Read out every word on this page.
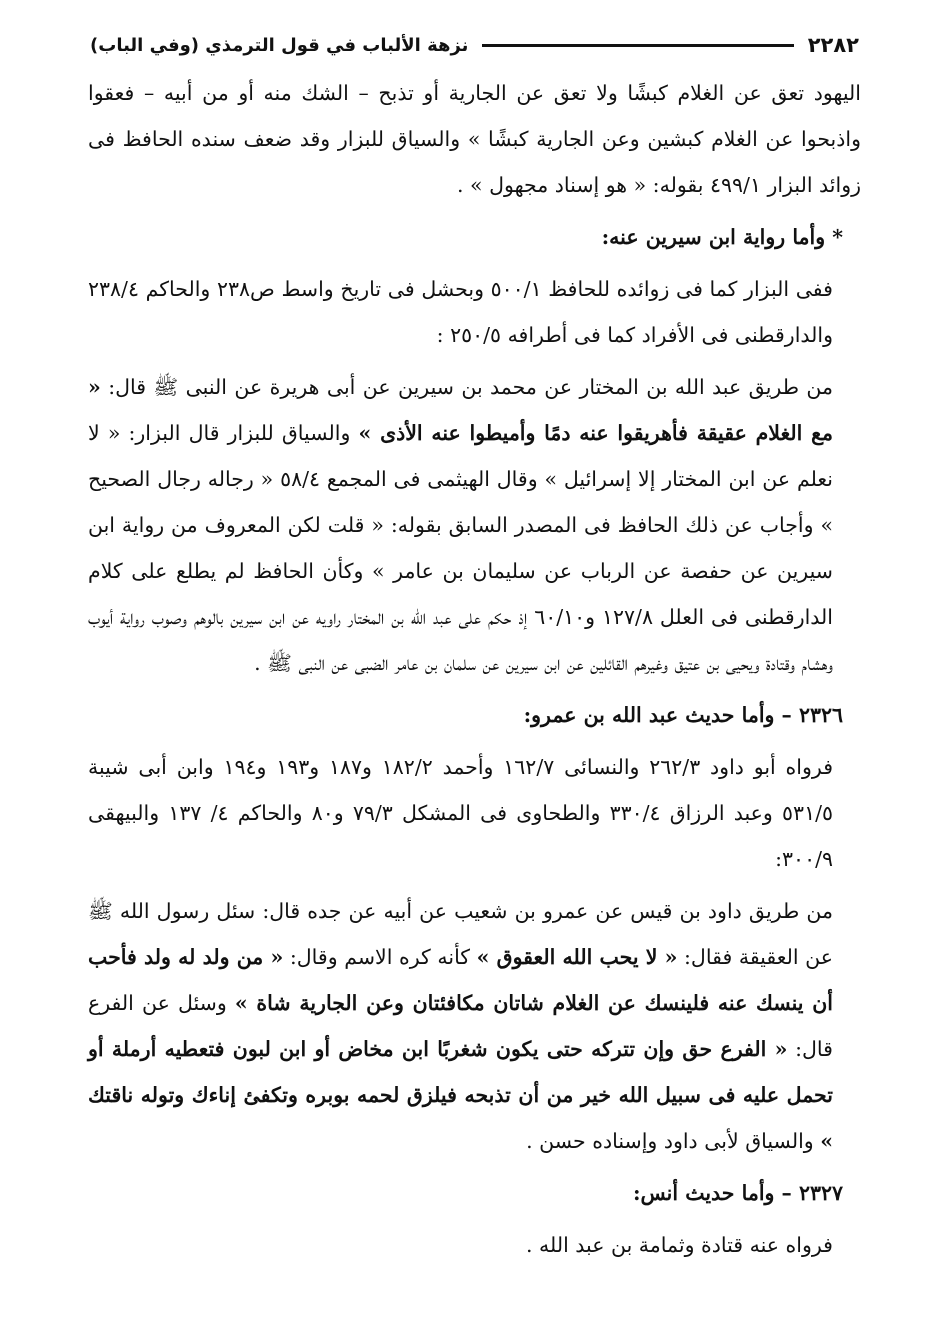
٢٢٨٢
نزهة الألباب في قول الترمذي (وفي الباب)

اليهود تعق عن الغلام كبشًا ولا تعق عن الجارية أو تذبح – الشك منه أو من أبيه – فعقوا واذبحوا عن الغلام كبشين وعن الجارية كبشًا » والسياق للبزار وقد ضعف سنده الحافظ فى زوائد البزار ٤٩٩/١ بقوله: « هو إسناد مجهول » .

* وأما رواية ابن سيرين عنه:

ففى البزار كما فى زوائده للحافظ ٥٠٠/١ وبحشل فى تاريخ واسط ص٢٣٨ والحاكم ٢٣٨/٤ والدارقطنى فى الأفراد كما فى أطرافه ٢٥٠/٥ :

من طريق عبد الله بن المختار عن محمد بن سيرين عن أبى هريرة عن النبى ﷺ قال: « مع الغلام عقيقة فأهريقوا عنه دمًا وأميطوا عنه الأذى » والسياق للبزار قال البزار: « لا نعلم عن ابن المختار إلا إسرائيل » وقال الهيثمى فى المجمع ٥٨/٤ « رجاله رجال الصحيح » وأجاب عن ذلك الحافظ فى المصدر السابق بقوله: « قلت لكن المعروف من رواية ابن سيرين عن حفصة عن الرباب عن سليمان بن عامر » وكأن الحافظ لم يطلع على كلام الدارقطنى فى العلل ١٢٧/٨ و٦٠/١٠ إذ حكم على عبد الله بن المختار راويه عن ابن سيرين بالوهم وصوب رواية أيوب وهشام وقتادة ويحيى بن عتيق وغيرهم القائلين عن ابن سيرين عن سلمان بن عامر الضبى عن النبى ﷺ .

٢٣٢٦ – وأما حديث عبد الله بن عمرو:

فرواه أبو داود ٢٦٢/٣ والنسائى ١٦٢/٧ وأحمد ١٨٢/٢ و١٨٧ و١٩٣ و١٩٤ وابن أبى شيبة ٥٣١/٥ وعبد الرزاق ٣٣٠/٤ والطحاوى فى المشكل ٧٩/٣ و٨٠ والحاكم ٤/ ١٣٧ والبيهقى ٣٠٠/٩:

من طريق داود بن قيس عن عمرو بن شعيب عن أبيه عن جده قال: سئل رسول الله ﷺ عن العقيقة فقال: « لا يحب الله العقوق » كأنه كره الاسم وقال: « من ولد له ولد فأحب أن ينسك عنه فلينسك عن الغلام شاتان مكافئتان وعن الجارية شاة » وسئل عن الفرع قال: « الفرع حق وإن تتركه حتى يكون شغربًا ابن مخاض أو ابن لبون فتعطيه أرملة أو تحمل عليه فى سبيل الله خير من أن تذبحه فيلزق لحمه بوبره وتكفئ إناءك وتوله ناقتك » والسياق لأبى داود وإسناده حسن .

٢٣٢٧ – وأما حديث أنس:

فرواه عنه قتادة وثمامة بن عبد الله .
